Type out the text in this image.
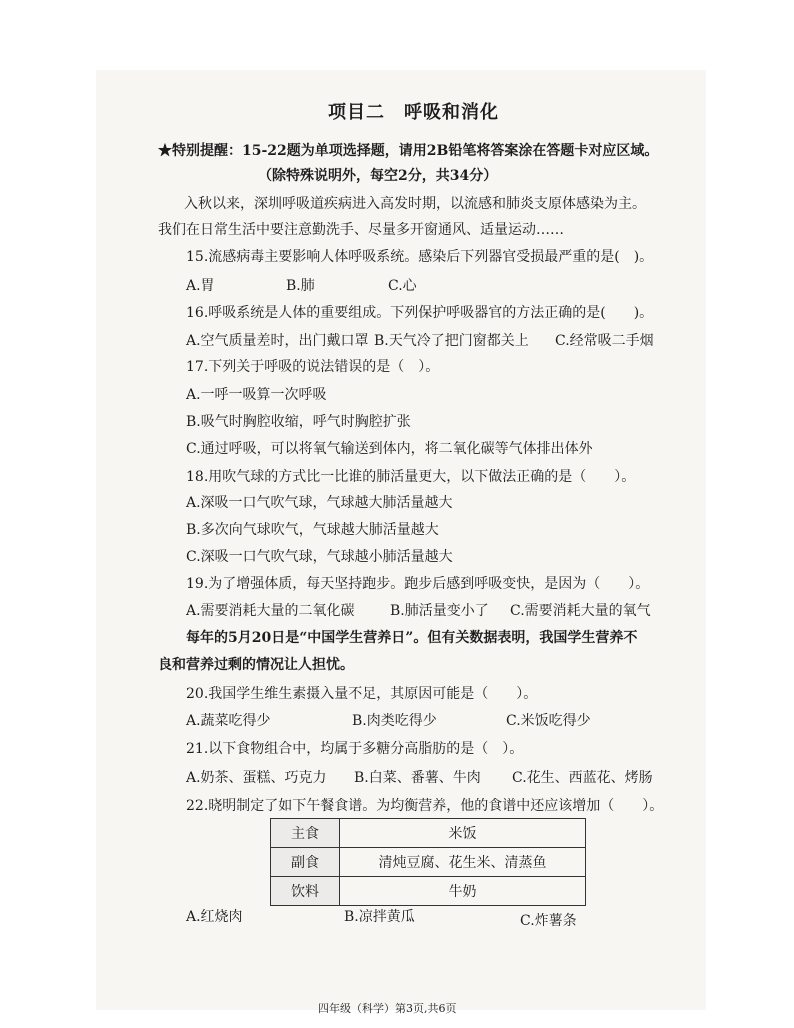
项目二　呼吸和消化
★特别提醒：15-22题为单项选择题，请用2B铅笔将答案涂在答题卡对应区域。
（除特殊说明外，每空2分，共34分）
入秋以来，深圳呼吸道疾病进入高发时期，以流感和肺炎支原体感染为主。
我们在日常生活中要注意勤洗手、尽量多开窗通风、适量运动……
15.流感病毒主要影响人体呼吸系统。感染后下列器官受损最严重的是(　)。
A.胃	B.肺	C.心
16.呼吸系统是人体的重要组成。下列保护呼吸器官的方法正确的是(　　)。
A.空气质量差时，出门戴口罩 B.天气冷了把门窗都关上 C.经常吸二手烟
17.下列关于呼吸的说法错误的是（　）。
A.一呼一吸算一次呼吸
B.吸气时胸腔收缩，呼气时胸腔扩张
C.通过呼吸，可以将氧气输送到体内，将二氧化碳等气体排出体外
18.用吹气球的方式比一比谁的肺活量更大，以下做法正确的是（　　）。
A.深吸一口气吹气球，气球越大肺活量越大
B.多次向气球吹气，气球越大肺活量越大
C.深吸一口气吹气球，气球越小肺活量越大
19.为了增强体质，每天坚持跑步。跑步后感到呼吸变快，是因为（　　）。
A.需要消耗大量的二氧化碳	B.肺活量变小了 C.需要消耗大量的氧气
每年的5月20日是“中国学生营养日”。但有关数据表明，我国学生营养不
良和营养过剩的情况让人担忧。
20.我国学生维生素摄入量不足，其原因可能是（　　）。
A.蔬菜吃得少	B.肉类吃得少	C.米饭吃得少
21.以下食物组合中，均属于多糖分高脂肪的是（　）。
A.奶茶、蛋糕、巧克力 B.白菜、番薯、牛肉 C.花生、西蓝花、烤肠
22.晓明制定了如下午餐食谱。为均衡营养，他的食谱中还应该增加（　　）。
主食	米饭
副食	清炖豆腐、花生米、清蒸鱼
饮料	牛奶
A.红烧肉	B.凉拌黄瓜	C.炸薯条
四年级（科学）第3页,共6页
